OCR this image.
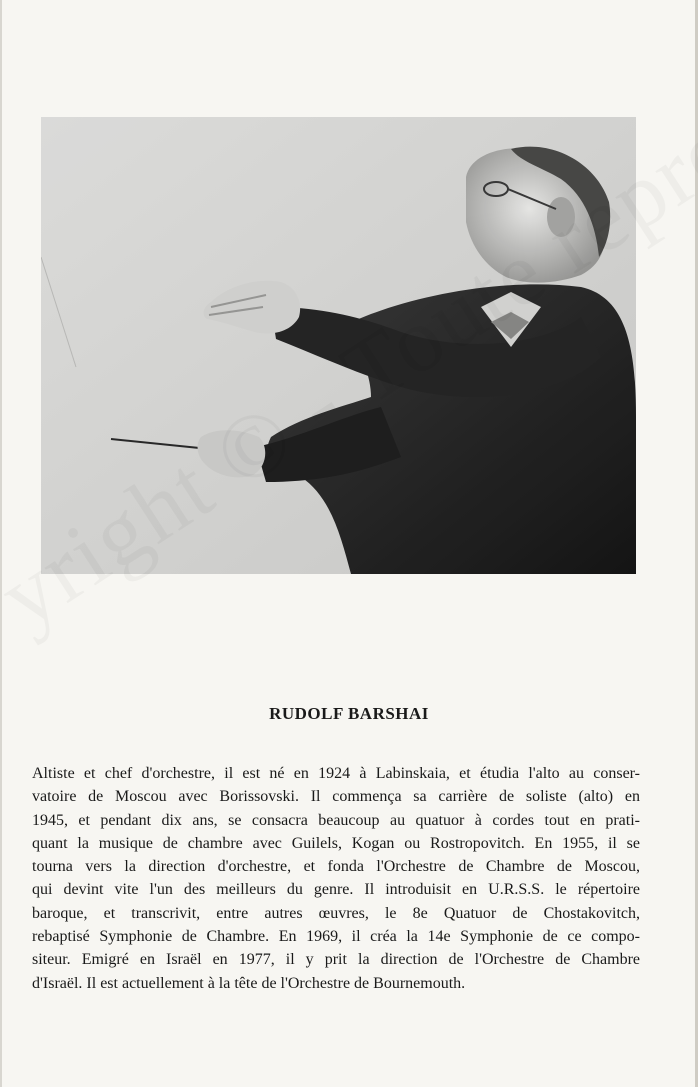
RUDOLF BARSHAI
Altiste et chef d'orchestre, il est né en 1924 à Labinskaia, et étudia l'alto au conser-
vatoire de Moscou avec Borissovski. Il commença sa carrière de soliste (alto) en
1945, et pendant dix ans, se consacra beaucoup au quatuor à cordes tout en prati-
quant la musique de chambre avec Guilels, Kogan ou Rostropovitch. En 1955, il se
tourna vers la direction d'orchestre, et fonda l'Orchestre de Chambre de Moscou,
qui devint vite l'un des meilleurs du genre. Il introduisit en U.R.S.S. le répertoire
baroque, et transcrivit, entre autres œuvres, le 8e Quatuor de Chostakovitch,
rebaptisé Symphonie de Chambre. En 1969, il créa la 14e Symphonie de ce compo-
siteur. Emigré en Israël en 1977, il y prit la direction de l'Orchestre de Chambre
d'Israël. Il est actuellement à la tête de l'Orchestre de Bournemouth.
